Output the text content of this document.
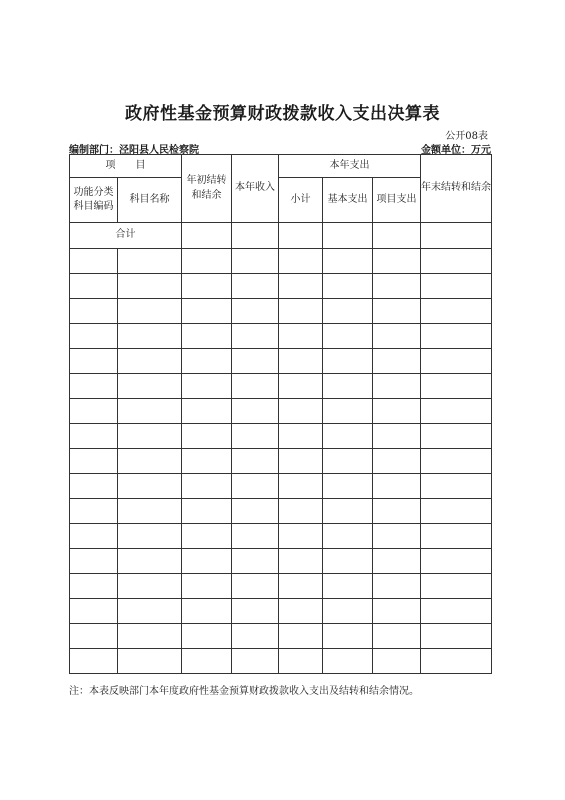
政府性基金预算财政拨款收入支出决算表
公开08表
编制部门：泾阳县人民检察院	金额单位：万元
项　　目		年初结转和结余	本年收入	本年支出			年末结转和结余
功能分类科目编码	科目名称			小计	基本支出	项目支出	
合计							

注：本表反映部门本年度政府性基金预算财政拨款收入支出及结转和结余情况。
